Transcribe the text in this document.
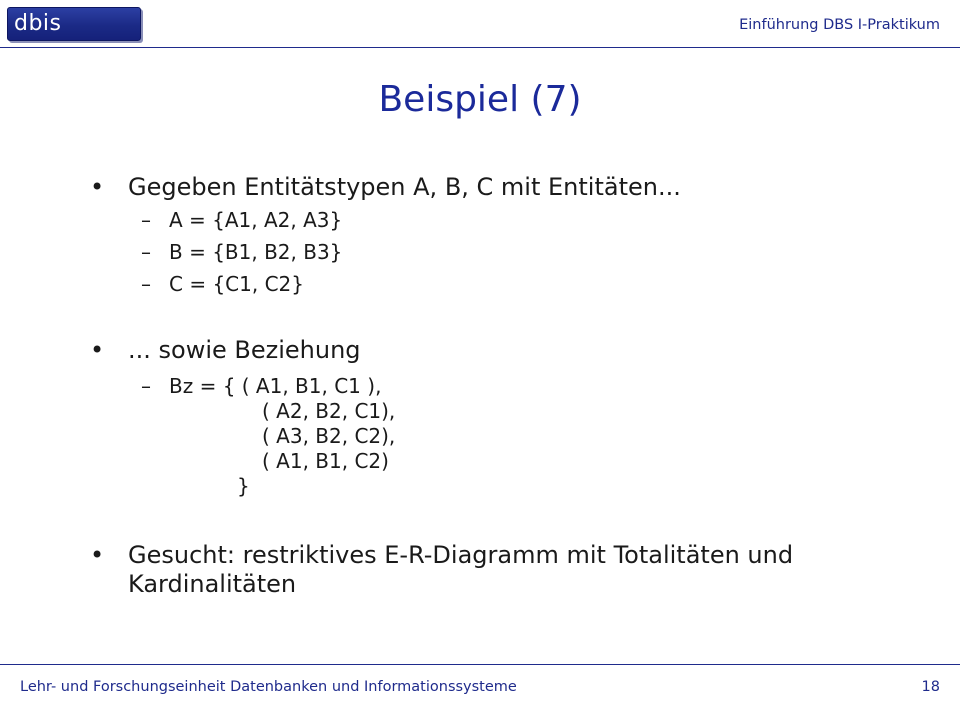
dbis	Einführung DBS I-Praktikum
Beispiel (7)
• Gegeben Entitätstypen A, B, C mit Entitäten...
– A = {A1, A2, A3}
– B = {B1, B2, B3}
– C = {C1, C2}
• ... sowie Beziehung
– Bz = { ( A1, B1, C1 ),
( A2, B2, C1),
( A3, B2, C2),
( A1, B1, C2)
}
• Gesucht: restriktives E-R-Diagramm mit Totalitäten und
Kardinalitäten
Lehr- und Forschungseinheit Datenbanken und Informationssysteme	18
